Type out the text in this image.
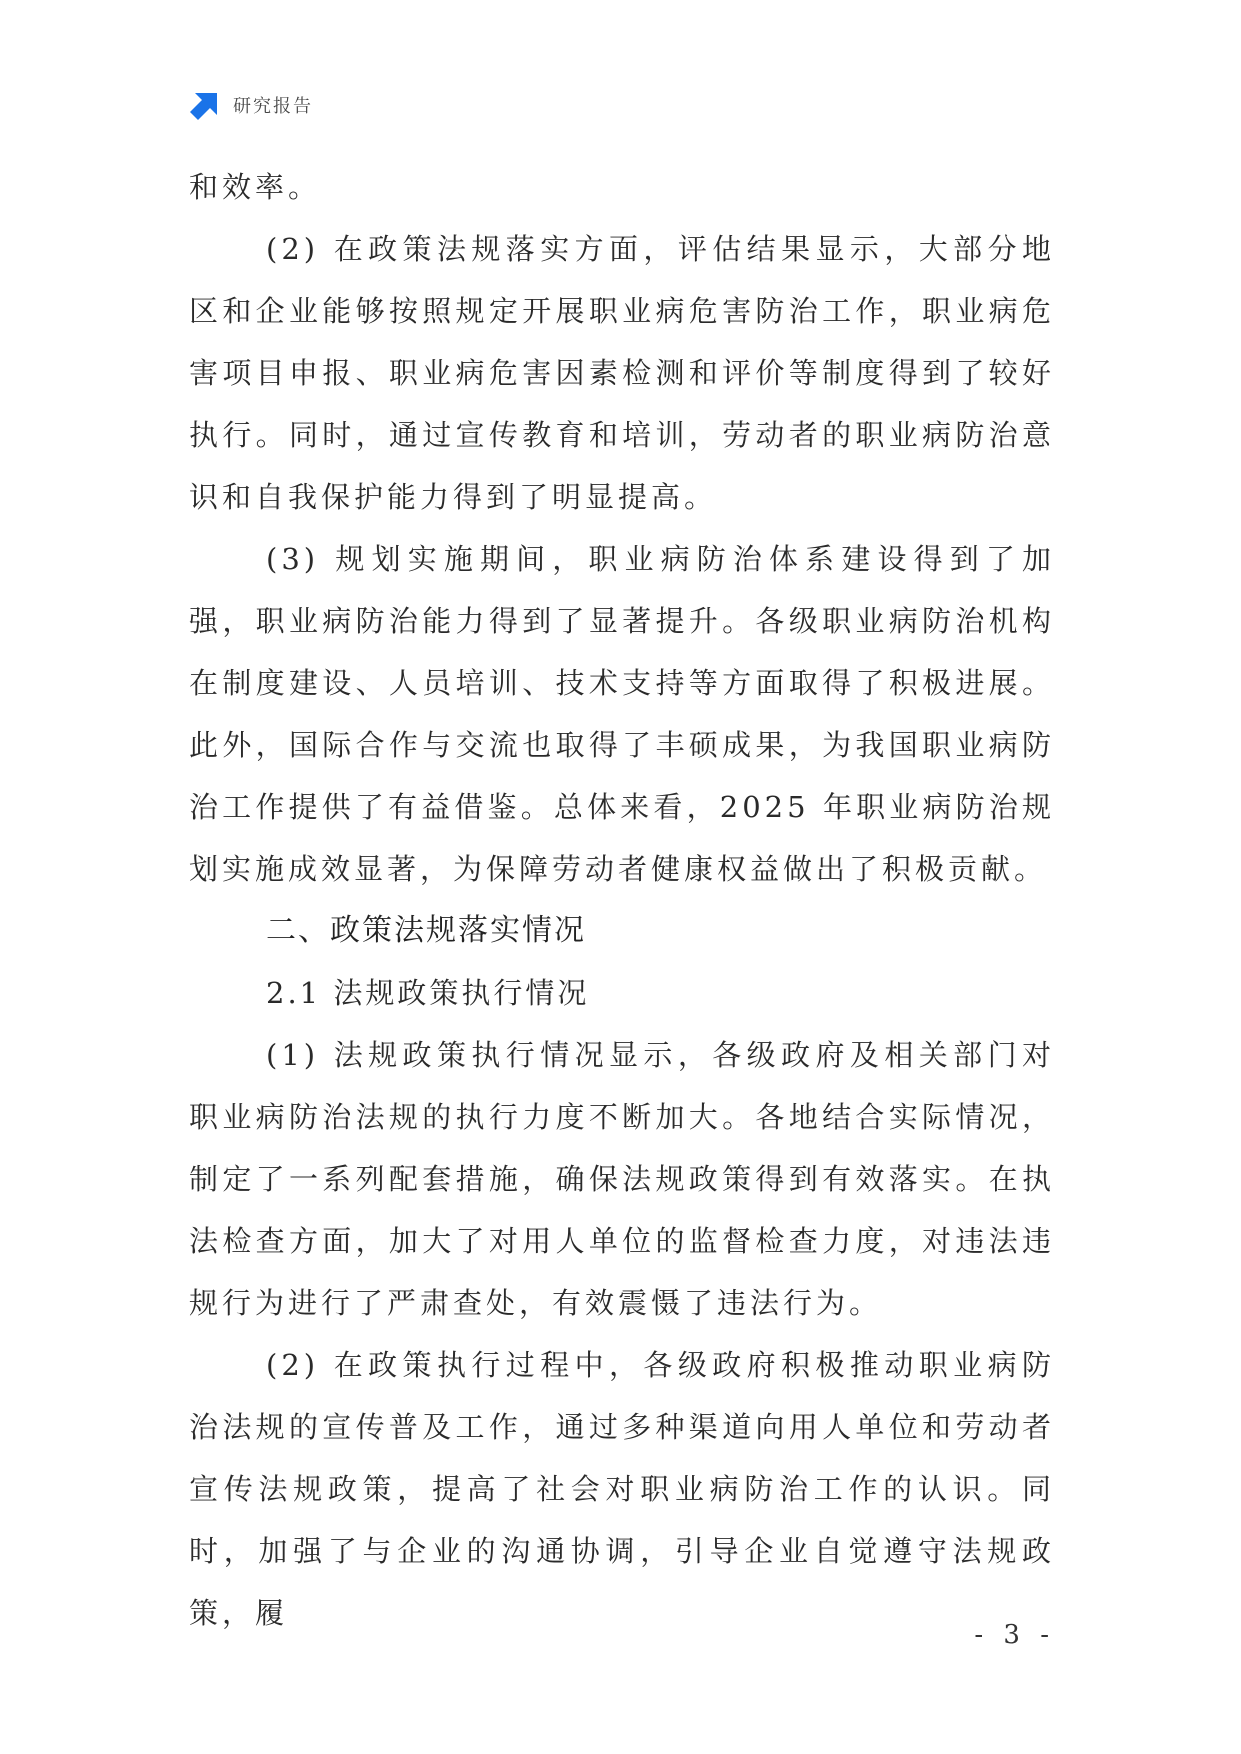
研究报告

和效率。

(2) 在政策法规落实方面，评估结果显示，大部分地区和企业能够按照规定开展职业病危害防治工作，职业病危害项目申报、职业病危害因素检测和评价等制度得到了较好执行。同时，通过宣传教育和培训，劳动者的职业病防治意识和自我保护能力得到了明显提高。

(3) 规划实施期间，职业病防治体系建设得到了加强，职业病防治能力得到了显著提升。各级职业病防治机构在制度建设、人员培训、技术支持等方面取得了积极进展。此外，国际合作与交流也取得了丰硕成果，为我国职业病防治工作提供了有益借鉴。总体来看，2025 年职业病防治规划实施成效显著，为保障劳动者健康权益做出了积极贡献。

二、政策法规落实情况

2.1 法规政策执行情况

(1) 法规政策执行情况显示，各级政府及相关部门对职业病防治法规的执行力度不断加大。各地结合实际情况，制定了一系列配套措施，确保法规政策得到有效落实。在执法检查方面，加大了对用人单位的监督检查力度，对违法违规行为进行了严肃查处，有效震慑了违法行为。

(2) 在政策执行过程中，各级政府积极推动职业病防治法规的宣传普及工作，通过多种渠道向用人单位和劳动者宣传法规政策，提高了社会对职业病防治工作的认识。同时，加强了与企业的沟通协调，引导企业自觉遵守法规政策，履

- 3 -
